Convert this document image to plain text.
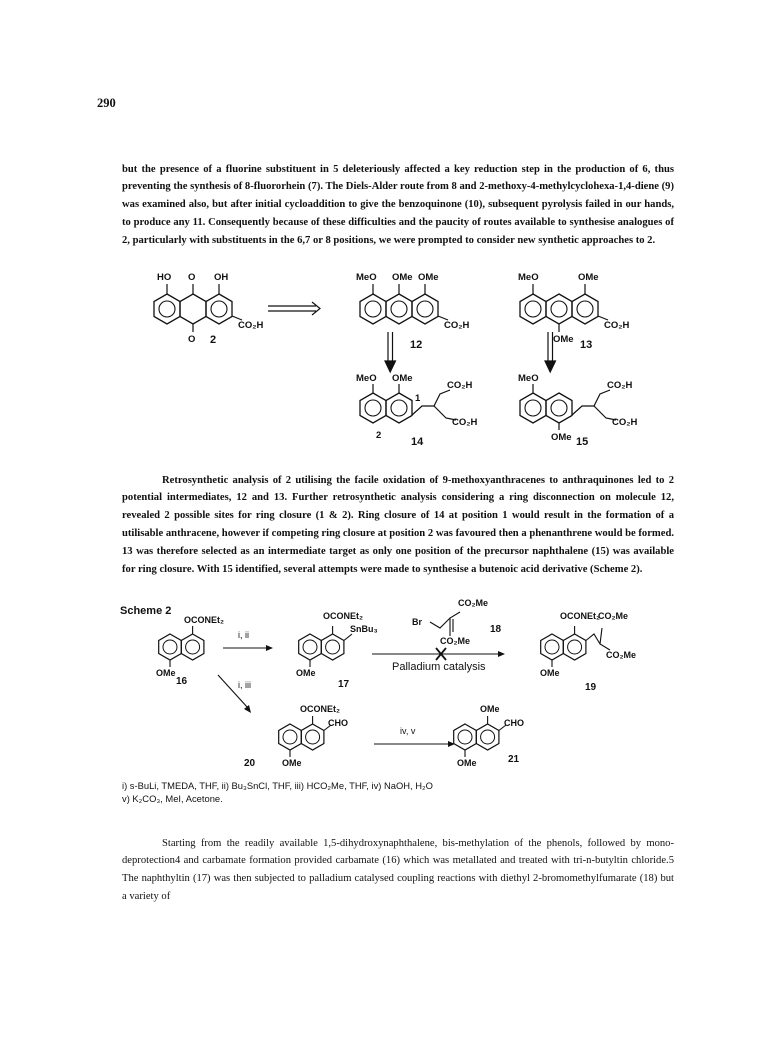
290

but the presence of a fluorine substituent in 5 deleteriously affected a key reduction step in the production of 6, thus preventing the synthesis of 8-fluororhein (7). The Diels-Alder route from 8 and 2-methoxy-4-methylcyclohexa-1,4-diene (9) was examined also, but after initial cycloaddition to give the benzoquinone (10), subsequent pyrolysis failed in our hands, to produce any 11. Consequently because of these difficulties and the paucity of routes available to synthesise analogues of 2, particularly with substituents in the 6,7 or 8 positions, we were prompted to consider new synthetic approaches to 2.

HO O OH
CO₂H
O 2
MeO OMe OMe
CO₂H
12
MeO	OMe
CO₂H
OMe 13
MeO OMe
CO₂H
CO₂H
1
2
14
MeO
CO₂H
CO₂H
OMe 15

Retrosynthetic analysis of 2 utilising the facile oxidation of 9-methoxyanthracenes to anthraquinones led to 2 potential intermediates, 12 and 13. Further retrosynthetic analysis considering a ring disconnection on molecule 12, revealed 2 possible sites for ring closure (1 & 2). Ring closure of 14 at position 1 would result in the formation of a utilisable anthracene, however if competing ring closure at position 2 was favoured then a phenanthrene would be formed. 13 was therefore selected as an intermediate target as only one position of the precursor naphthalene (15) was available for ring closure. With 15 identified, several attempts were made to synthesise a butenoic acid derivative (Scheme 2).

Scheme 2
OCONEt₂
OMe
16
i, ii
OCONEt₂
SnBu₃
OMe
17
Br
CO₂Me
CO₂Me
18
Palladium catalysis
OCONEt₂
CO₂Me
CO₂Me
OMe
19
i, iii
OCONEt₂
CHO
OMe
20
iv, v
OMe
CHO
OMe	21
i) s-BuLi, TMEDA, THF, ii) Bu₃SnCl, THF, iii) HCO₂Me, THF, iv) NaOH, H₂O
v) K₂CO₃, MeI, Acetone.

Starting from the readily available 1,5-dihydroxynaphthalene, bis-methylation of the phenols, followed by mono-deprotection4 and carbamate formation provided carbamate (16) which was metallated and treated with tri-n-butyltin chloride.5 The naphthyltin (17) was then subjected to palladium catalysed coupling reactions with diethyl 2-bromomethylfumarate (18) but a variety of
